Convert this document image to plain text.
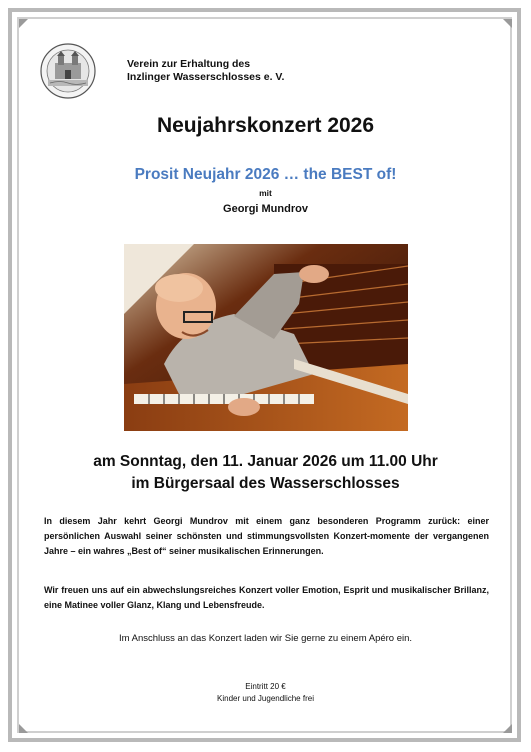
Verein zur Erhaltung des
Inzlinger Wasserschlosses e. V.
Neujahrskonzert 2026
Prosit Neujahr 2026 … the BEST of!
mit
Georgi Mundrov
am Sonntag, den 11. Januar 2026 um 11.00 Uhr
im Bürgersaal des Wasserschlosses

In diesem Jahr kehrt Georgi Mundrov mit einem ganz besonderen Programm zurück: einer persönlichen Auswahl seiner schönsten und stimmungsvollsten Konzert-momente der vergangenen Jahre – ein wahres „Best of“ seiner musikalischen Erinnerungen.

Wir freuen uns auf ein abwechslungsreiches Konzert voller Emotion, Esprit und musikalischer Brillanz, eine Matinee voller Glanz, Klang und Lebensfreude.

Im Anschluss an das Konzert laden wir Sie gerne zu einem Apéro ein.
Eintritt 20 €
Kinder und Jugendliche frei
